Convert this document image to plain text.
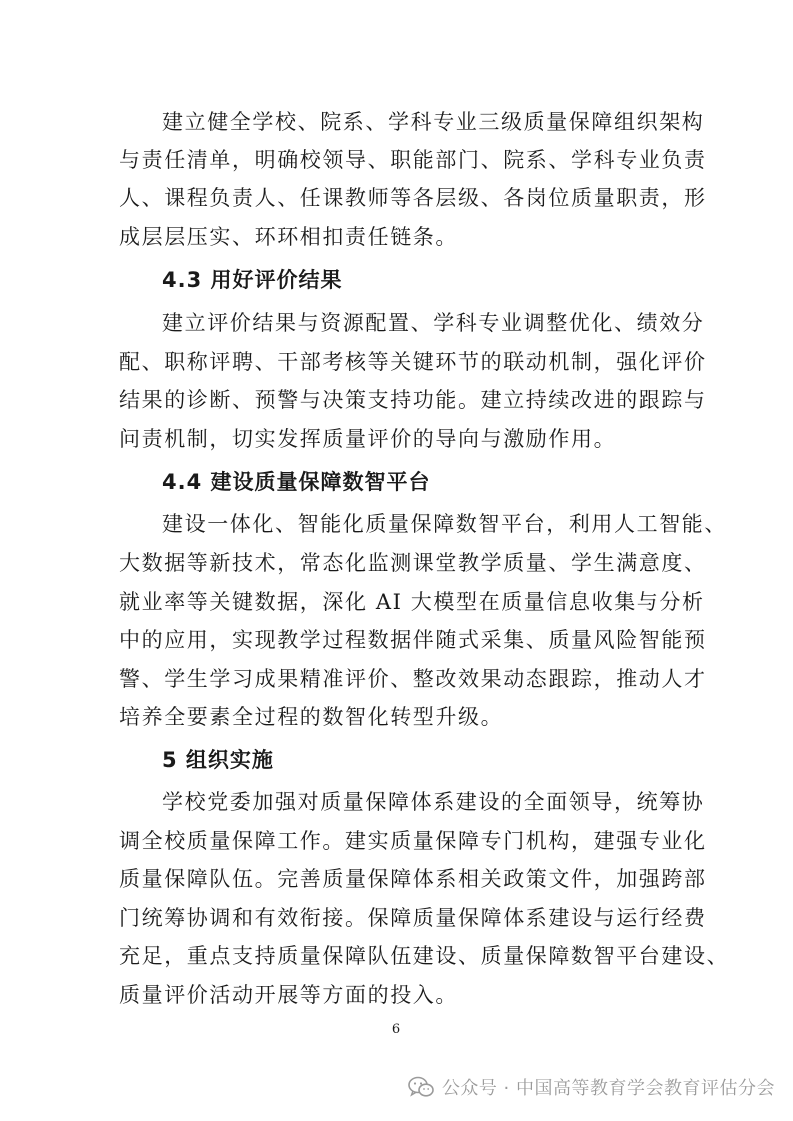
建立健全学校、院系、学科专业三级质量保障组织架构
与责任清单，明确校领导、职能部门、院系、学科专业负责
人、课程负责人、任课教师等各层级、各岗位质量职责，形
成层层压实、环环相扣责任链条。
4.3 用好评价结果
建立评价结果与资源配置、学科专业调整优化、绩效分
配、职称评聘、干部考核等关键环节的联动机制，强化评价
结果的诊断、预警与决策支持功能。建立持续改进的跟踪与
问责机制，切实发挥质量评价的导向与激励作用。
4.4 建设质量保障数智平台
建设一体化、智能化质量保障数智平台，利用人工智能、
大数据等新技术，常态化监测课堂教学质量、学生满意度、
就业率等关键数据，深化 AI 大模型在质量信息收集与分析
中的应用，实现教学过程数据伴随式采集、质量风险智能预
警、学生学习成果精准评价、整改效果动态跟踪，推动人才
培养全要素全过程的数智化转型升级。
5 组织实施
学校党委加强对质量保障体系建设的全面领导，统筹协
调全校质量保障工作。建实质量保障专门机构，建强专业化
质量保障队伍。完善质量保障体系相关政策文件，加强跨部
门统筹协调和有效衔接。保障质量保障体系建设与运行经费
充足，重点支持质量保障队伍建设、质量保障数智平台建设、
质量评价活动开展等方面的投入。
6
公众号 · 中国高等教育学会教育评估分会
